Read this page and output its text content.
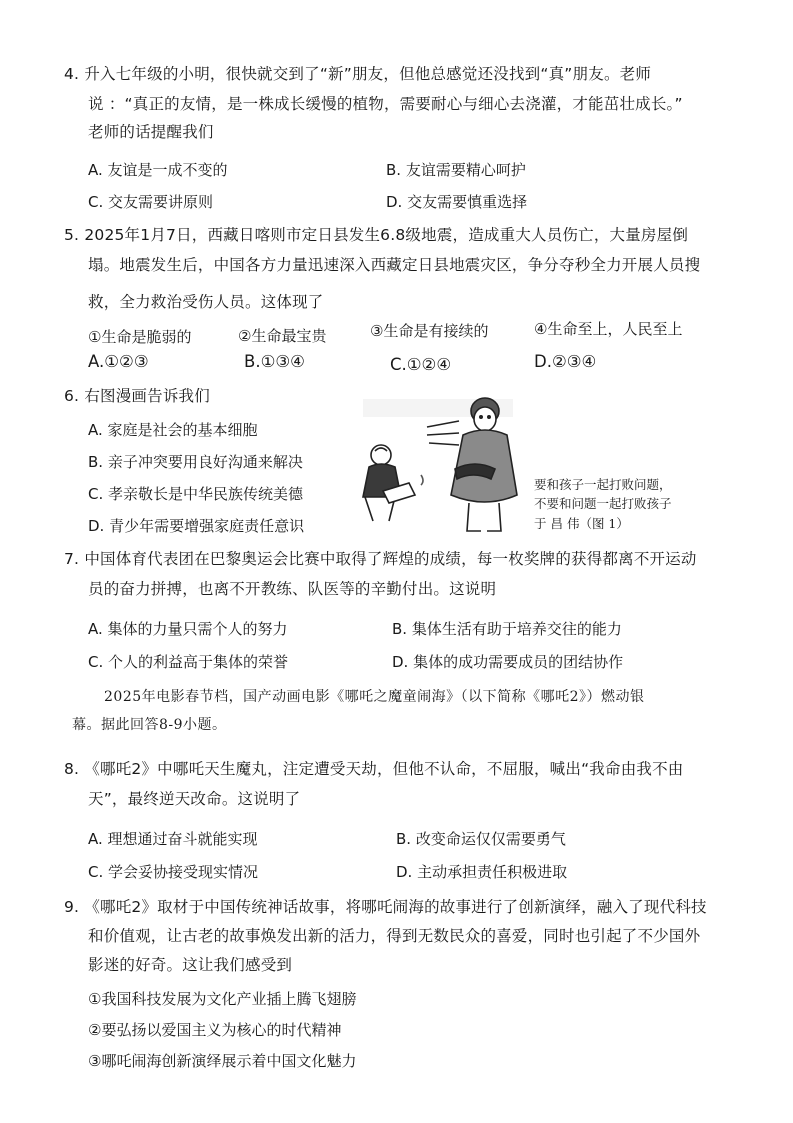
4. 升入七年级的小明，很快就交到了“新”朋友，但他总感觉还没找到“真”朋友。老师
说 ：“真正的友情，是一株成长缓慢的植物，需要耐心与细心去浇灌，才能茁壮成长。”
老师的话提醒我们
A. 友谊是一成不变的	B. 友谊需要精心呵护
C. 交友需要讲原则	D. 交友需要慎重选择
5. 2025年1月7日，西藏日喀则市定日县发生6.8级地震，造成重大人员伤亡，大量房屋倒
塌。地震发生后，中国各方力量迅速深入西藏定日县地震灾区，争分夺秒全力开展人员搜
救，全力救治受伤人员。这体现了
①生命是脆弱的	②生命最宝贵	③生命是有接续的	④生命至上，人民至上
A.①②③	B.①③④	C.①②④	D.②③④
6. 右图漫画告诉我们
A. 家庭是社会的基本细胞
B. 亲子冲突要用良好沟通来解决
C. 孝亲敬长是中华民族传统美德
D. 青少年需要增强家庭责任意识
要和孩子一起打败问题，
不要和问题一起打败孩子
于 昌 伟（图 1）
7. 中国体育代表团在巴黎奥运会比赛中取得了辉煌的成绩，每一枚奖牌的获得都离不开运动
员的奋力拼搏，也离不开教练、队医等的辛勤付出。这说明
A. 集体的力量只需个人的努力	B. 集体生活有助于培养交往的能力
C. 个人的利益高于集体的荣誉	D. 集体的成功需要成员的团结协作
2025年电影春节档，国产动画电影《哪吒之魔童闹海》（以下简称《哪吒2》）燃动银
幕。据此回答8-9小题。
8. 《哪吒2》中哪吒天生魔丸，注定遭受天劫，但他不认命，不屈服，喊出“我命由我不由
天”，最终逆天改命。这说明了
A. 理想通过奋斗就能实现	B. 改变命运仅仅需要勇气
C. 学会妥协接受现实情况	D. 主动承担责任积极进取
9. 《哪吒2》取材于中国传统神话故事，将哪吒闹海的故事进行了创新演绎，融入了现代科技
和价值观，让古老的故事焕发出新的活力，得到无数民众的喜爱，同时也引起了不少国外
影迷的好奇。这让我们感受到
①我国科技发展为文化产业插上腾飞翅膀
②要弘扬以爱国主义为核心的时代精神
③哪吒闹海创新演绎展示着中国文化魅力
